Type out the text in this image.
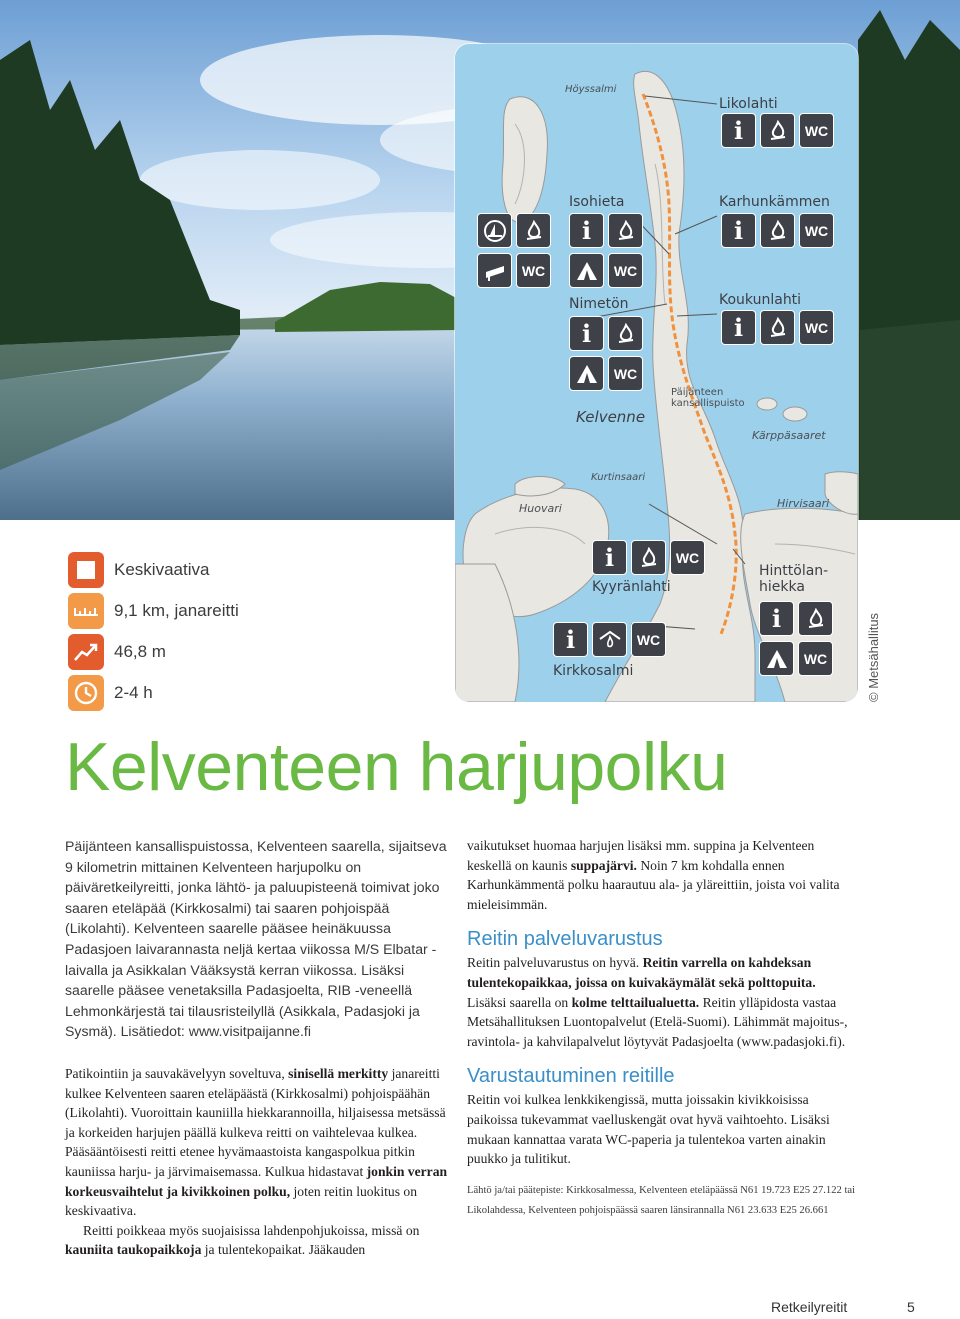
Höyssalmi
Likolahti
i	WC
Isohieta
i
WC
WC
Karhunkämmen
i	WC
Nimetön
i
WC
Koukunlahti
i	WC
Päijänteen kansallispuisto
Kelvenne
Kärppäsaaret
Kurtinsaari
Huovari	Hirvisaari
i	WC
Kyyränlahti
Hinttölan-
hiekka
i
WC
i	WC
Kirkkosalmi	© Metsähallitus
Keskivaativa
9,1 km, janareitti
46,8 m
2-4 h
Kelventeen harjupolku

Päijänteen kansallispuistossa, Kelventeen saarella, sijaitseva 9 kilometrin mittainen Kelventeen harjupolku on päiväretkeilyreitti, jonka lähtö- ja paluupisteenä toimivat joko saaren eteläpää (Kirkkosalmi) tai saaren pohjoispää (Likolahti). Kelventeen saarelle pääsee heinäkuussa Padasjoen laivarannasta neljä kertaa viikossa M/S Elbatar -laivalla ja Asikkalan Vääksystä kerran viikossa. Lisäksi saarelle pääsee venetaksilla Padasjoelta, RIB -veneellä Lehmonkärjestä tai tilausristeilyllä (Asikkala, Padasjoki ja Sysmä). Lisätiedot: www.visitpaijanne.fi

Patikointiin ja sauvakävelyyn soveltuva, sinisellä merkitty janareitti kulkee Kelventeen saaren eteläpäästä (Kirkkosalmi) pohjoispäähän (Likolahti). Vuoroittain kauniilla hiekkarannoilla, hiljaisessa metsässä ja korkeiden harjujen päällä kulkeva reitti on vaihtelevaa kulkea. Pääsääntöisesti reitti etenee hyvämaastoista kangaspolkua pitkin kauniissa harju- ja järvimaisemassa. Kulkua hidastavat jonkin verran korkeusvaihtelut ja kivikkoinen polku, joten reitin luokitus on keskivaativa.

Reitti poikkeaa myös suojaisissa lahdenpohjukoissa, missä on kauniita taukopaikkoja ja tulentekopaikat. Jääkauden

vaikutukset huomaa harjujen lisäksi mm. suppina ja Kelventeen keskellä on kaunis suppajärvi. Noin 7 km kohdalla ennen Karhunkämmentä polku haarautuu ala- ja yläreittiin, joista voi valita mieleisimmän.

Reitin palveluvarustus

Reitin palveluvarustus on hyvä. Reitin varrella on kahdeksan tulentekopaikkaa, joissa on kuivakäymälät sekä polttopuita. Lisäksi saarella on kolme telttailualuetta. Reitin ylläpidosta vastaa Metsähallituksen Luontopalvelut (Etelä-Suomi). Lähimmät majoitus-, ravintola- ja kahvilapalvelut löytyvät Padasjoelta (www.padasjoki.fi).

Varustautuminen reitille

Reitin voi kulkea lenkkikengissä, mutta joissakin kivikkoisissa paikoissa tukevammat vaelluskengät ovat hyvä vaihtoehto. Lisäksi mukaan kannattaa varata WC-paperia ja tulentekoa varten ainakin puukko ja tulitikut.

Lähtö ja/tai päätepiste: Kirkkosalmessa, Kelventeen eteläpäässä N61 19.723 E25 27.122 tai Likolahdessa, Kelventeen pohjoispäässä saaren länsirannalla N61 23.633 E25 26.661

Retkeilyreitit	5
